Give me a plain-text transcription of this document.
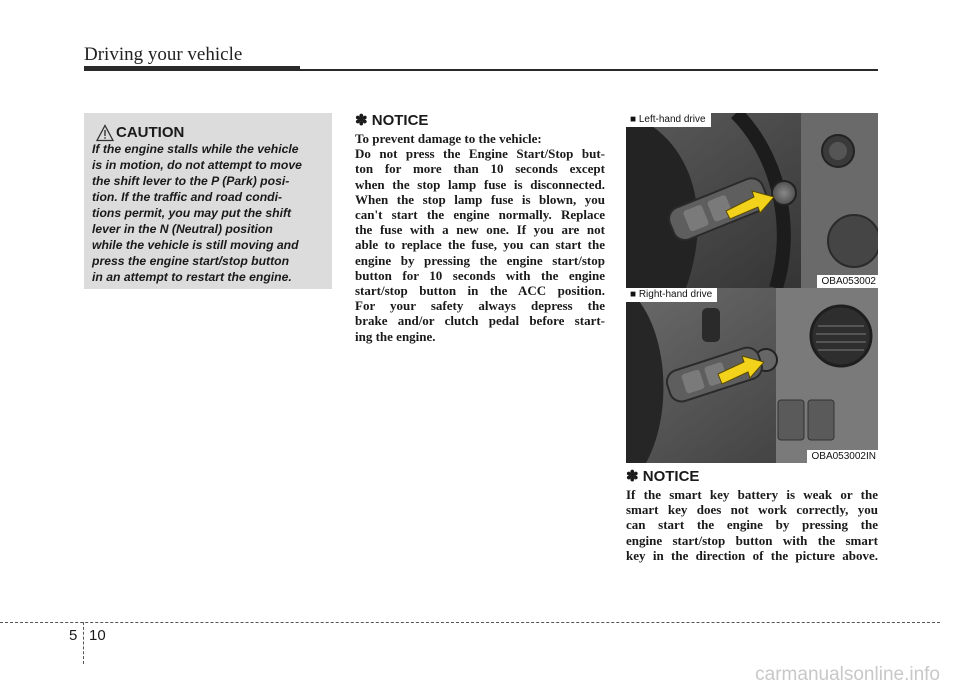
Driving your vehicle
CAUTION
If the engine stalls while the vehicle
is in motion, do not attempt to move
the shift lever to the P (Park) posi-
tion. If the traffic and road condi-
tions permit, you may put the shift
lever in the N (Neutral) position
while the vehicle is still moving and
press the engine start/stop button
in an attempt to restart the engine.
✽ NOTICE
To prevent damage to the vehicle:
Do not press the Engine Start/Stop but-
ton for more than 10 seconds except
when the stop lamp fuse is disconnected.
When the stop lamp fuse is blown, you
can't start the engine normally. Replace
the fuse with a new one. If you are not
able to replace the fuse, you can start the
engine by pressing the engine start/stop
button for 10 seconds with the engine
start/stop button in the ACC position.
For your safety always depress the
brake and/or clutch pedal before start-
ing the engine.
■ Left-hand drive
OBA053002
■ Right-hand drive
OBA053002IN
✽ NOTICE
If the smart key battery is weak or the
smart key does not work correctly, you
can start the engine by pressing the
engine start/stop button with the smart
key in the direction of the picture above.
5 10
carmanualsonline.info
